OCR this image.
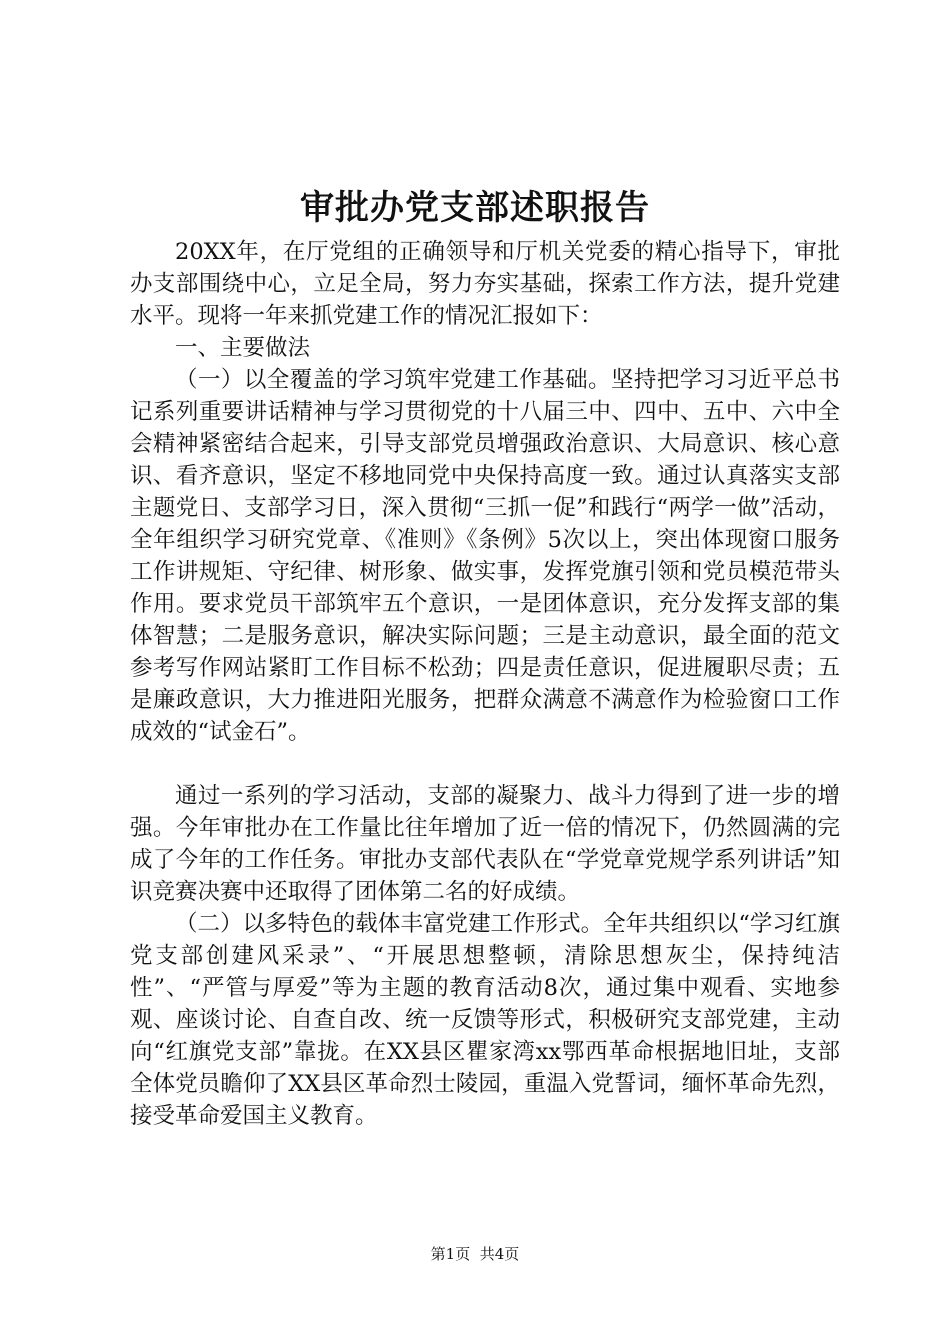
审批办党支部述职报告

20XX年，在厅党组的正确领导和厅机关党委的精心指导下，审批办支部围绕中心，立足全局，努力夯实基础，探索工作方法，提升党建水平。现将一年来抓党建工作的情况汇报如下：

一、主要做法

（一）以全覆盖的学习筑牢党建工作基础。坚持把学习习近平总书记系列重要讲话精神与学习贯彻党的十八届三中、四中、五中、六中全会精神紧密结合起来，引导支部党员增强政治意识、大局意识、核心意识、看齐意识，坚定不移地同党中央保持高度一致。通过认真落实支部主题党日、支部学习日，深入贯彻“三抓一促”和践行“两学一做”活动，全年组织学习研究党章、《准则》《条例》5次以上，突出体现窗口服务工作讲规矩、守纪律、树形象、做实事，发挥党旗引领和党员模范带头作用。要求党员干部筑牢五个意识，一是团体意识，充分发挥支部的集体智慧；二是服务意识，解决实际问题；三是主动意识，最全面的范文参考写作网站紧盯工作目标不松劲；四是责任意识，促进履职尽责；五是廉政意识，大力推进阳光服务，把群众满意不满意作为检验窗口工作成效的“试金石”。

通过一系列的学习活动，支部的凝聚力、战斗力得到了进一步的增强。今年审批办在工作量比往年增加了近一倍的情况下，仍然圆满的完成了今年的工作任务。审批办支部代表队在“学党章党规学系列讲话”知识竞赛决赛中还取得了团体第二名的好成绩。

（二）以多特色的载体丰富党建工作形式。全年共组织以“学习红旗党支部创建风采录”、“开展思想整顿，清除思想灰尘，保持纯洁性”、“严管与厚爱”等为主题的教育活动8次，通过集中观看、实地参观、座谈讨论、自查自改、统一反馈等形式，积极研究支部党建，主动向“红旗党支部”靠拢。在XX县区瞿家湾xx鄂西革命根据地旧址，支部全体党员瞻仰了XX县区革命烈士陵园，重温入党誓词，缅怀革命先烈，接受革命爱国主义教育。

第1页 共4页
